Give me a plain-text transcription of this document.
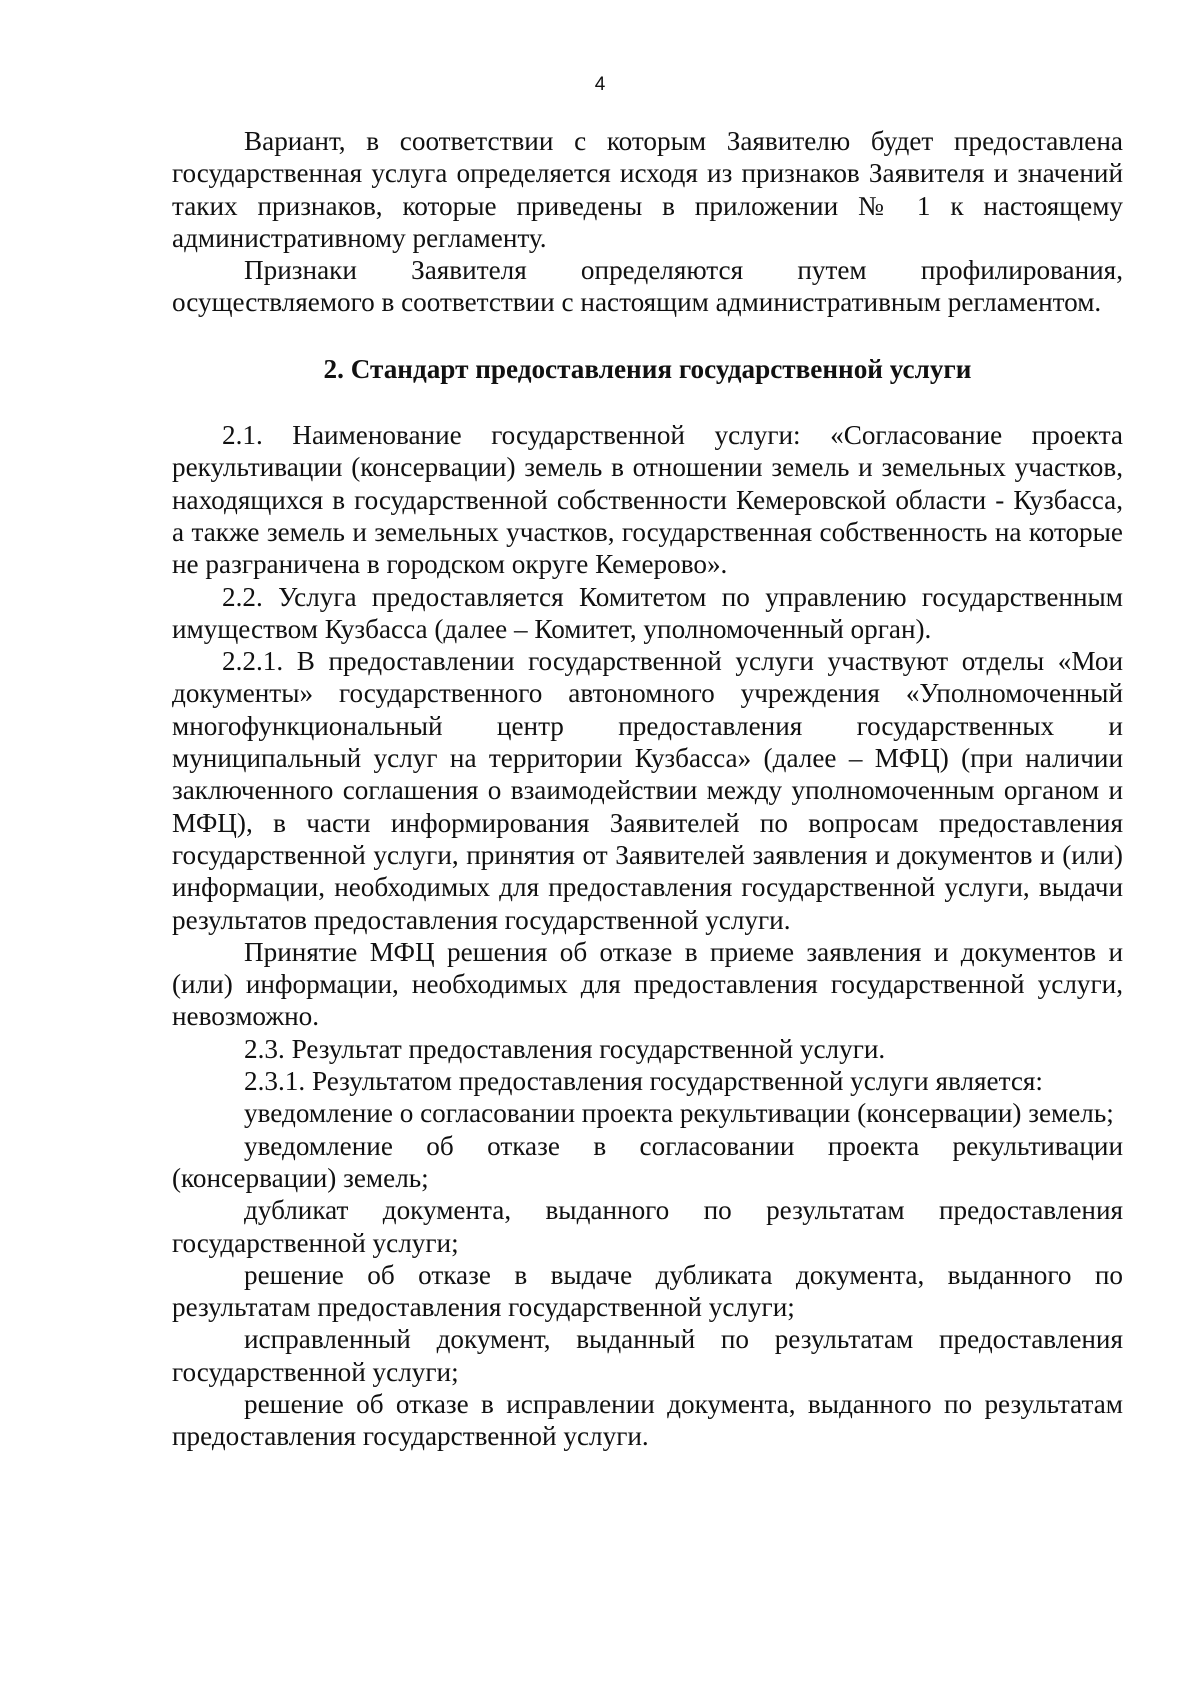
4

Вариант, в соответствии с которым Заявителю будет предоставлена государственная услуга определяется исходя из признаков Заявителя и значений таких признаков, которые приведены в приложении № 1 к настоящему административному регламенту.

Признаки Заявителя определяются путем профилирования, осуществляемого в соответствии с настоящим административным регламентом.

2. Стандарт предоставления государственной услуги

2.1. Наименование государственной услуги: «Согласование проекта рекультивации (консервации) земель в отношении земель и земельных участков, находящихся в государственной собственности Кемеровской области - Кузбасса, а также земель и земельных участков, государственная собственность на которые не разграничена в городском округе Кемерово».

2.2. Услуга предоставляется Комитетом по управлению государственным имуществом Кузбасса (далее – Комитет, уполномоченный орган).

2.2.1. В предоставлении государственной услуги участвуют отделы «Мои документы» государственного автономного учреждения «Уполномоченный многофункциональный центр предоставления государственных и муниципальный услуг на территории Кузбасса» (далее – МФЦ) (при наличии заключенного соглашения о взаимодействии между уполномоченным органом и МФЦ), в части информирования Заявителей по вопросам предоставления государственной услуги, принятия от Заявителей заявления и документов и (или) информации, необходимых для предоставления государственной услуги, выдачи результатов предоставления государственной услуги.

Принятие МФЦ решения об отказе в приеме заявления и документов и (или) информации, необходимых для предоставления государственной услуги, невозможно.

2.3. Результат предоставления государственной услуги.

2.3.1. Результатом предоставления государственной услуги является:

уведомление о согласовании проекта рекультивации (консервации) земель;

уведомление об отказе в согласовании проекта рекультивации (консервации) земель;

дубликат документа, выданного по результатам предоставления государственной услуги;

решение об отказе в выдаче дубликата документа, выданного по результатам предоставления государственной услуги;

исправленный документ, выданный по результатам предоставления государственной услуги;

решение об отказе в исправлении документа, выданного по результатам предоставления государственной услуги.
